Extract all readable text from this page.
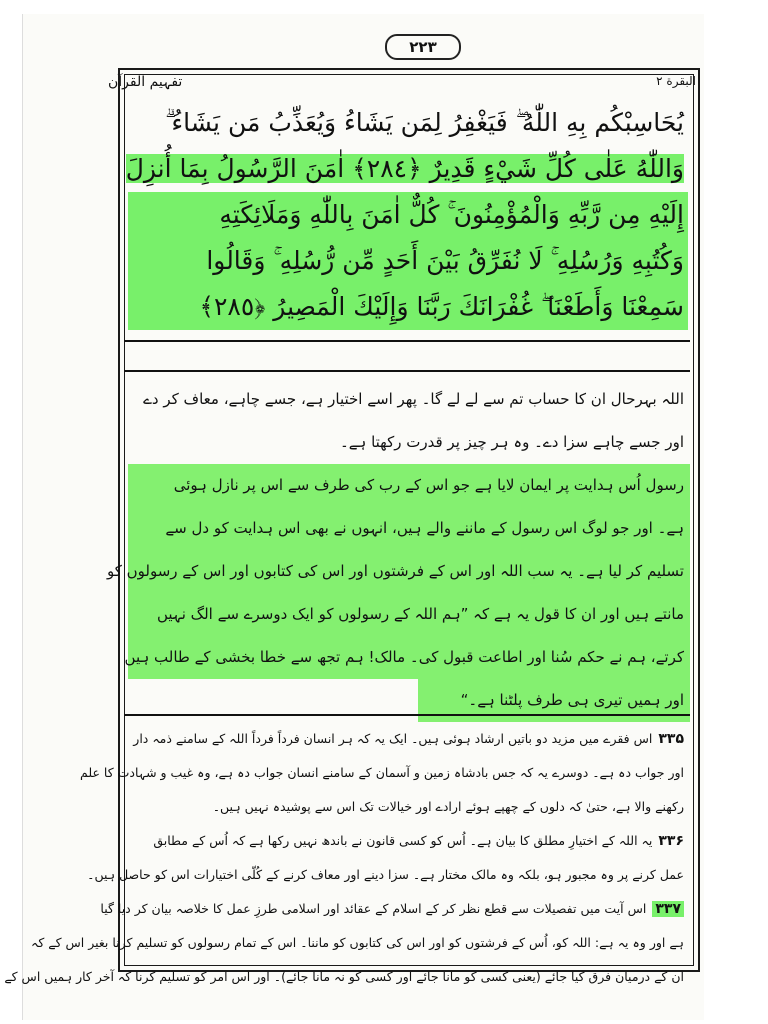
۲۲۳
تفہیم القرآن	البقرة ۲
يُحَاسِبْكُم بِهِ اللّٰهُ ۖ فَيَغْفِرُ لِمَن يَشَاءُ وَيُعَذِّبُ مَن يَشَاءُ ۗ
وَاللّٰهُ عَلٰى كُلِّ شَيْءٍ قَدِيرٌ ﴿٢٨٤﴾ اٰمَنَ الرَّسُولُ بِمَا أُنزِلَ
إِلَيْهِ مِن رَّبِّهِ وَالْمُؤْمِنُونَ ۚ كُلٌّ اٰمَنَ بِاللّٰهِ وَمَلَائِكَتِهِ
وَكُتُبِهِ وَرُسُلِهِ ۚ لَا نُفَرِّقُ بَيْنَ أَحَدٍ مِّن رُّسُلِهِ ۚ وَقَالُوا
سَمِعْنَا وَأَطَعْنَا ۖ غُفْرَانَكَ رَبَّنَا وَإِلَيْكَ الْمَصِيرُ ﴿٢٨٥﴾
اللہ بہرحال ان کا حساب تم سے لے لے گا۔ پھر اسے اختیار ہے، جسے چاہے، معاف کر دے
اور جسے چاہے سزا دے۔ وہ ہر چیز پر قدرت رکھتا ہے۔
رسول اُس ہدایت پر ایمان لایا ہے جو اس کے رب کی طرف سے اس پر نازل ہوئی
ہے۔ اور جو لوگ اس رسول کے ماننے والے ہیں، انہوں نے بھی اس ہدایت کو دل سے
تسلیم کر لیا ہے۔ یہ سب اللہ اور اس کے فرشتوں اور اس کی کتابوں اور اس کے رسولوں کو
مانتے ہیں اور ان کا قول یہ ہے کہ ”ہم اللہ کے رسولوں کو ایک دوسرے سے الگ نہیں
کرتے، ہم نے حکم سُنا اور اطاعت قبول کی۔ مالک! ہم تجھ سے خطا بخشی کے طالب ہیں
اور ہمیں تیری ہی طرف پلٹنا ہے۔“
۳۳۵اس فقرے میں مزید دو باتیں ارشاد ہوئی ہیں۔ ایک یہ کہ ہر انسان فرداً فرداً اللہ کے سامنے ذمہ دار
اور جواب دہ ہے۔ دوسرے یہ کہ جس بادشاہ زمین و آسمان کے سامنے انسان جواب دہ ہے، وہ غیب و شہادت کا علم
رکھنے والا ہے، حتیٰ کہ دلوں کے چھپے ہوئے ارادے اور خیالات تک اس سے پوشیدہ نہیں ہیں۔
۳۳۶یہ اللہ کے اختیارِ مطلق کا بیان ہے۔ اُس کو کسی قانون نے باندھ نہیں رکھا ہے کہ اُس کے مطابق
عمل کرنے پر وہ مجبور ہو، بلکہ وہ مالک مختار ہے۔ سزا دینے اور معاف کرنے کے کُلّی اختیارات اس کو حاصل ہیں۔
۳۳۷اس آیت میں تفصیلات سے قطع نظر کر کے اسلام کے عقائد اور اسلامی طرزِ عمل کا خلاصہ بیان کر دیا گیا
ہے اور وہ یہ ہے: اللہ کو، اُس کے فرشتوں کو اور اس کی کتابوں کو ماننا۔ اس کے تمام رسولوں کو تسلیم کرنا بغیر اس کے کہ
ان کے درمیان فرق کیا جائے (یعنی کسی کو مانا جائے اور کسی کو نہ مانا جائے)۔ اور اس امر کو تسلیم کرنا کہ آخر کار ہمیں اس کے
